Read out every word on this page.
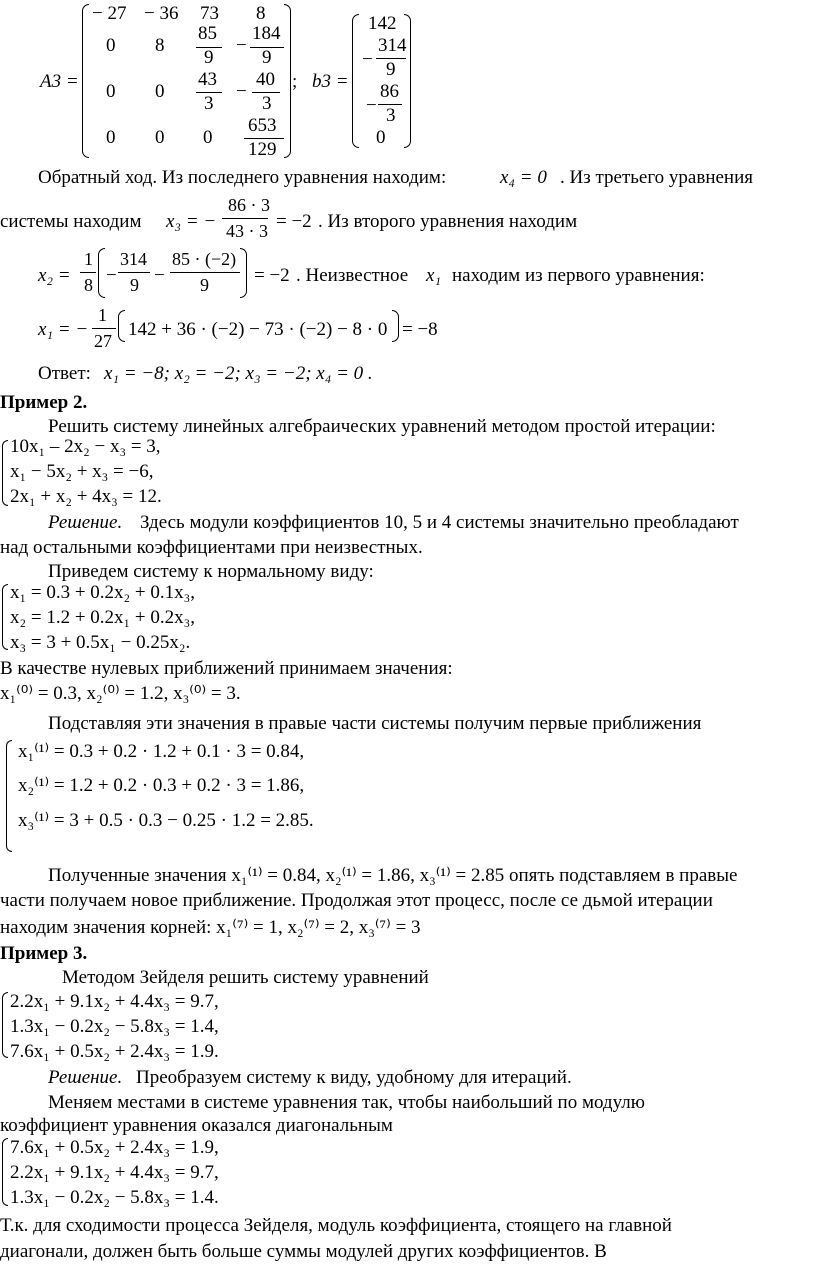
A3 =
− 27 − 36 73 8
0 8
85
9
−
184
9
0 0
43
3
−
40
3
0 0 0
653
129
; b3 =
142
−
314
9
−
86
3
0
Обратный ход. Из последнего уравнения находим:	x₄ = 0 . Из третьего уравнения
системы находим x₃ = −
86 · 3
43 · 3 = −2 . Из второго уравнения находим
x₂ =
1
8 −
314
9 −
85 · (−2)
9 = −2 . Неизвестное x₁ находим из первого уравнения:
x₁ = −
1
27
142 + 36 · (−2) − 73 · (−2) − 8 · 0 = −8
Ответ: x₁ = −8; x₂ = −2; x₃ = −2; x₄ = 0 .
Пример 2.
Решить систему линейных алгебраических уравнений методом простой итерации:
10x₁ – 2x₂ − x₃ = 3,
x₁ − 5x₂ + x₃ = −6,
2x₁ + x₂ + 4x₃ = 12.
Решение. Здесь модули коэффициентов 10, 5 и 4 системы значительно преобладают
над остальными коэффициентами при неизвестных.
Приведем систему к нормальному виду:
x₁ = 0.3 + 0.2x₂ + 0.1x₃,
x₂ = 1.2 + 0.2x₁ + 0.2x₃,
x₃ = 3 + 0.5x₁ − 0.25x₂.
В качестве нулевых приближений принимаем значения:
x₁⁽⁰⁾ = 0.3, x₂⁽⁰⁾ = 1.2, x₃⁽⁰⁾ = 3.
Подставляя эти значения в правые части системы получим первые приближения
x₁⁽¹⁾ = 0.3 + 0.2 · 1.2 + 0.1 · 3 = 0.84,
x₂⁽¹⁾ = 1.2 + 0.2 · 0.3 + 0.2 · 3 = 1.86,
x₃⁽¹⁾ = 3 + 0.5 · 0.3 − 0.25 · 1.2 = 2.85.
Полученные значения x₁⁽¹⁾ = 0.84, x₂⁽¹⁾ = 1.86, x₃⁽¹⁾ = 2.85 опять подставляем в правые
части получаем новое приближение. Продолжая этот процесс, после се дьмой итерации
находим значения корней: x₁⁽⁷⁾ = 1, x₂⁽⁷⁾ = 2, x₃⁽⁷⁾ = 3
Пример 3.
Методом Зейделя решить систему уравнений
2.2x₁ + 9.1x₂ + 4.4x₃ = 9.7,
1.3x₁ − 0.2x₂ − 5.8x₃ = 1.4,
7.6x₁ + 0.5x₂ + 2.4x₃ = 1.9.
Решение. Преобразуем систему к виду, удобному для итераций.
Меняем местами в системе уравнения так, чтобы наибольший по модулю
коэффициент уравнения оказался диагональным
7.6x₁ + 0.5x₂ + 2.4x₃ = 1.9,
2.2x₁ + 9.1x₂ + 4.4x₃ = 9.7,
1.3x₁ − 0.2x₂ − 5.8x₃ = 1.4.
Т.к. для сходимости процесса Зейделя, модуль коэффициента, стоящего на главной
диагонали, должен быть больше суммы модулей других коэффициентов. В
